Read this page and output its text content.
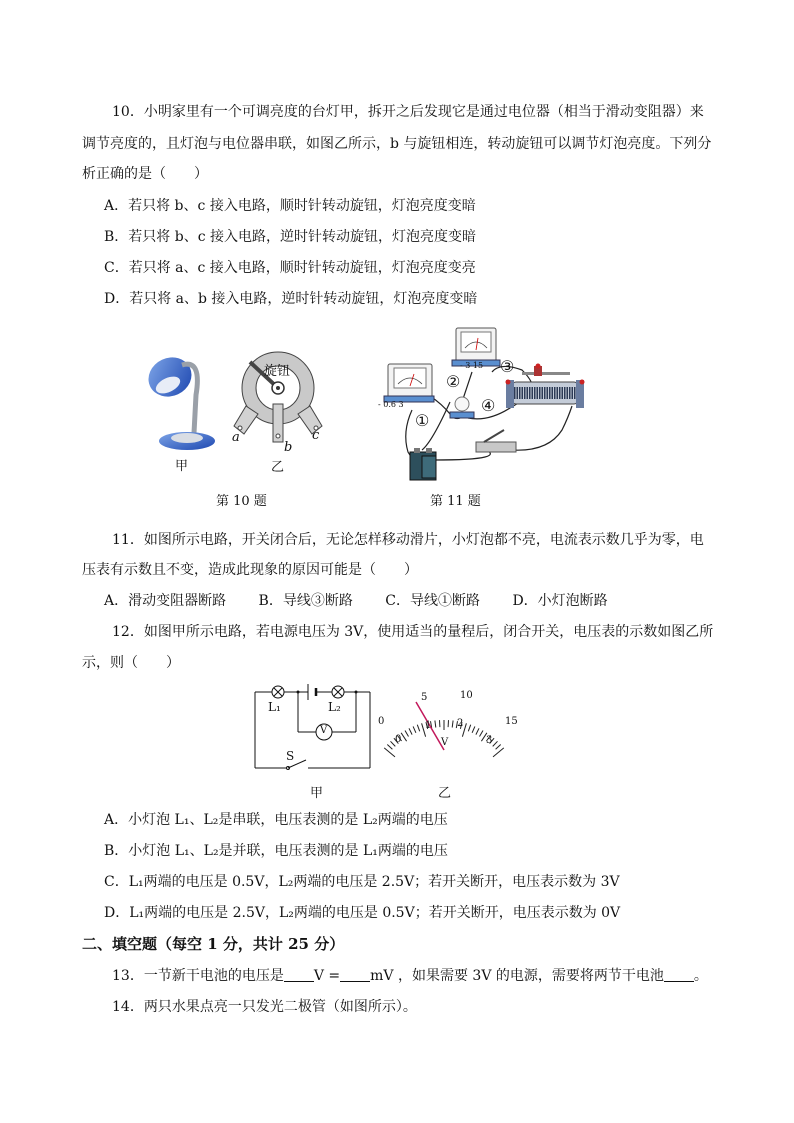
10．小明家里有一个可调亮度的台灯甲，拆开之后发现它是通过电位器（相当于滑动变阻器）来
调节亮度的，且灯泡与电位器串联，如图乙所示，b 与旋钮相连，转动旋钮可以调节灯泡亮度。下列分
析正确的是（　　）
A．若只将 b、c 接入电路，顺时针转动旋钮，灯泡亮度变暗
B．若只将 b、c 接入电路，逆时针转动旋钮，灯泡亮度变暗
C．若只将 a、c 接入电路，顺时针转动旋钮，灯泡亮度变亮
D．若只将 a、b 接入电路，逆时针转动旋钮，灯泡亮度变暗
甲
旋钮
a
b
c
乙
第 10 题
- 0.6 3
- 3 15
①
②
③
④
第 11 题
11．如图所示电路，开关闭合后，无论怎样移动滑片，小灯泡都不亮，电流表示数几乎为零，电
压表有示数且不变，造成此现象的原因可能是（　　）
A．滑动变阻器断路　　 B．导线③断路　　 C．导线①断路　　 D．小灯泡断路
12．如图甲所示电路，若电源电压为 3V，使用适当的量程后，闭合开关，电压表的示数如图乙所
示，则（　　）
L₁	L₂
V
S
甲
0
5	10
15
0
1	2
3
V
乙
A．小灯泡 L₁、L₂是串联，电压表测的是 L₂两端的电压
B．小灯泡 L₁、L₂是并联，电压表测的是 L₁两端的电压
C．L₁两端的电压是 0.5V，L₂两端的电压是 2.5V；若开关断开，电压表示数为 3V
D．L₁两端的电压是 2.5V，L₂两端的电压是 0.5V；若开关断开，电压表示数为 0V
二、填空题（每空 1 分，共计 25 分）
13．一节新干电池的电压是 V = mV ，如果需要 3V 的电源，需要将两节干电池 。
14．两只水果点亮一只发光二极管（如图所示）。
